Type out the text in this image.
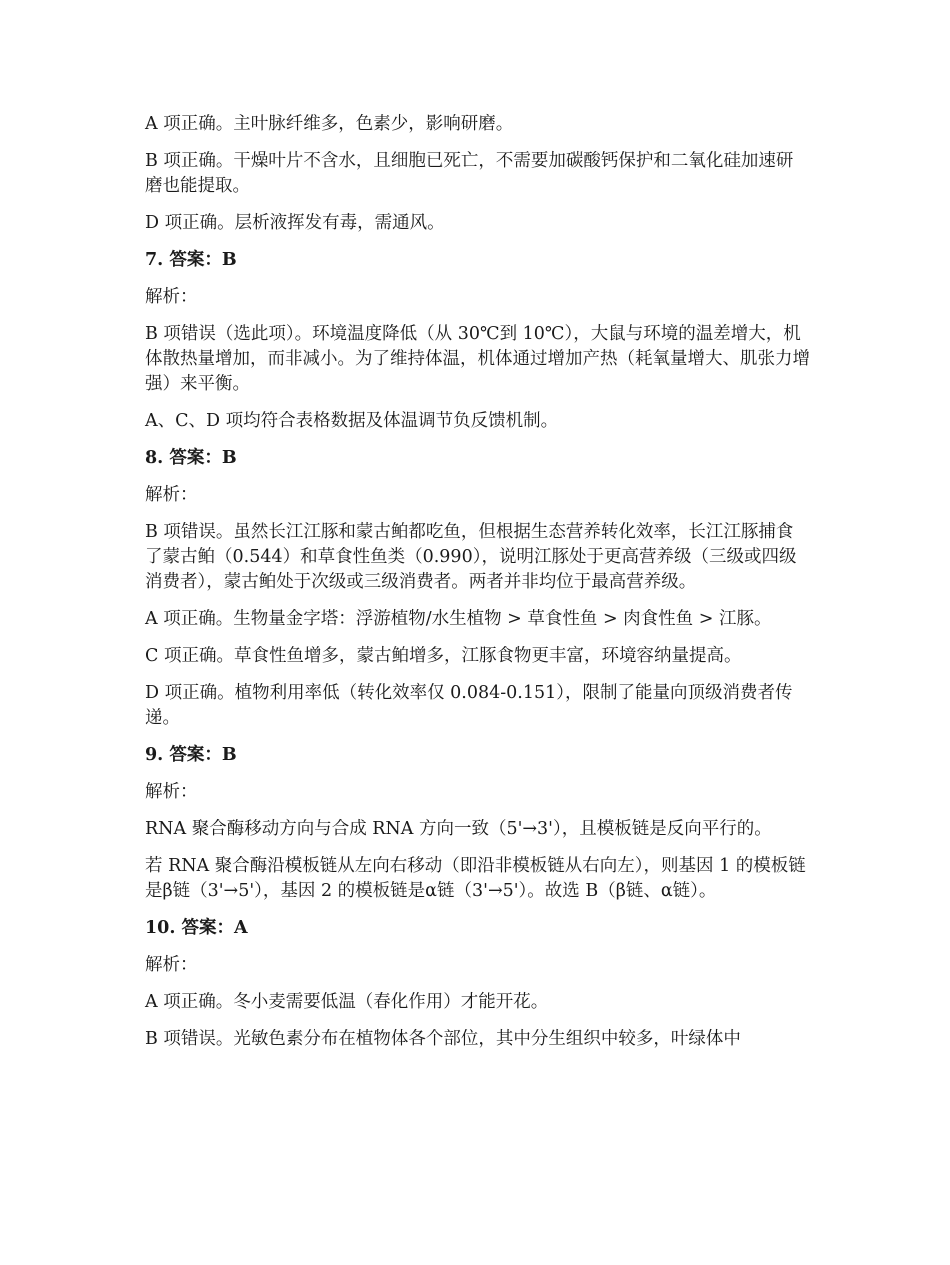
A 项正确。主叶脉纤维多，色素少，影响研磨。

B 项正确。干燥叶片不含水，且细胞已死亡，不需要加碳酸钙保护和二氧化硅加速研磨也能提取。

D 项正确。层析液挥发有毒，需通风。

7. 答案：B

解析：

B 项错误（选此项）。环境温度降低（从 30℃到 10℃），大鼠与环境的温差增大，机体散热量增加，而非减小。为了维持体温，机体通过增加产热（耗氧量增大、肌张力增强）来平衡。

A、C、D 项均符合表格数据及体温调节负反馈机制。

8. 答案：B

解析：

B 项错误。虽然长江江豚和蒙古鲌都吃鱼，但根据生态营养转化效率，长江江豚捕食了蒙古鲌（0.544）和草食性鱼类（0.990），说明江豚处于更高营养级（三级或四级消费者），蒙古鲌处于次级或三级消费者。两者并非均位于最高营养级。

A 项正确。生物量金字塔：浮游植物/水生植物 > 草食性鱼 > 肉食性鱼 > 江豚。

C 项正确。草食性鱼增多，蒙古鲌增多，江豚食物更丰富，环境容纳量提高。

D 项正确。植物利用率低（转化效率仅 0.084-0.151），限制了能量向顶级消费者传递。

9. 答案：B

解析：

RNA 聚合酶移动方向与合成 RNA 方向一致（5'→3'），且模板链是反向平行的。

若 RNA 聚合酶沿模板链从左向右移动（即沿非模板链从右向左），则基因 1 的模板链是β链（3'→5'），基因 2 的模板链是α链（3'→5'）。故选 B（β链、α链）。

10. 答案：A

解析：

A 项正确。冬小麦需要低温（春化作用）才能开花。

B 项错误。光敏色素分布在植物体各个部位，其中分生组织中较多，叶绿体中
